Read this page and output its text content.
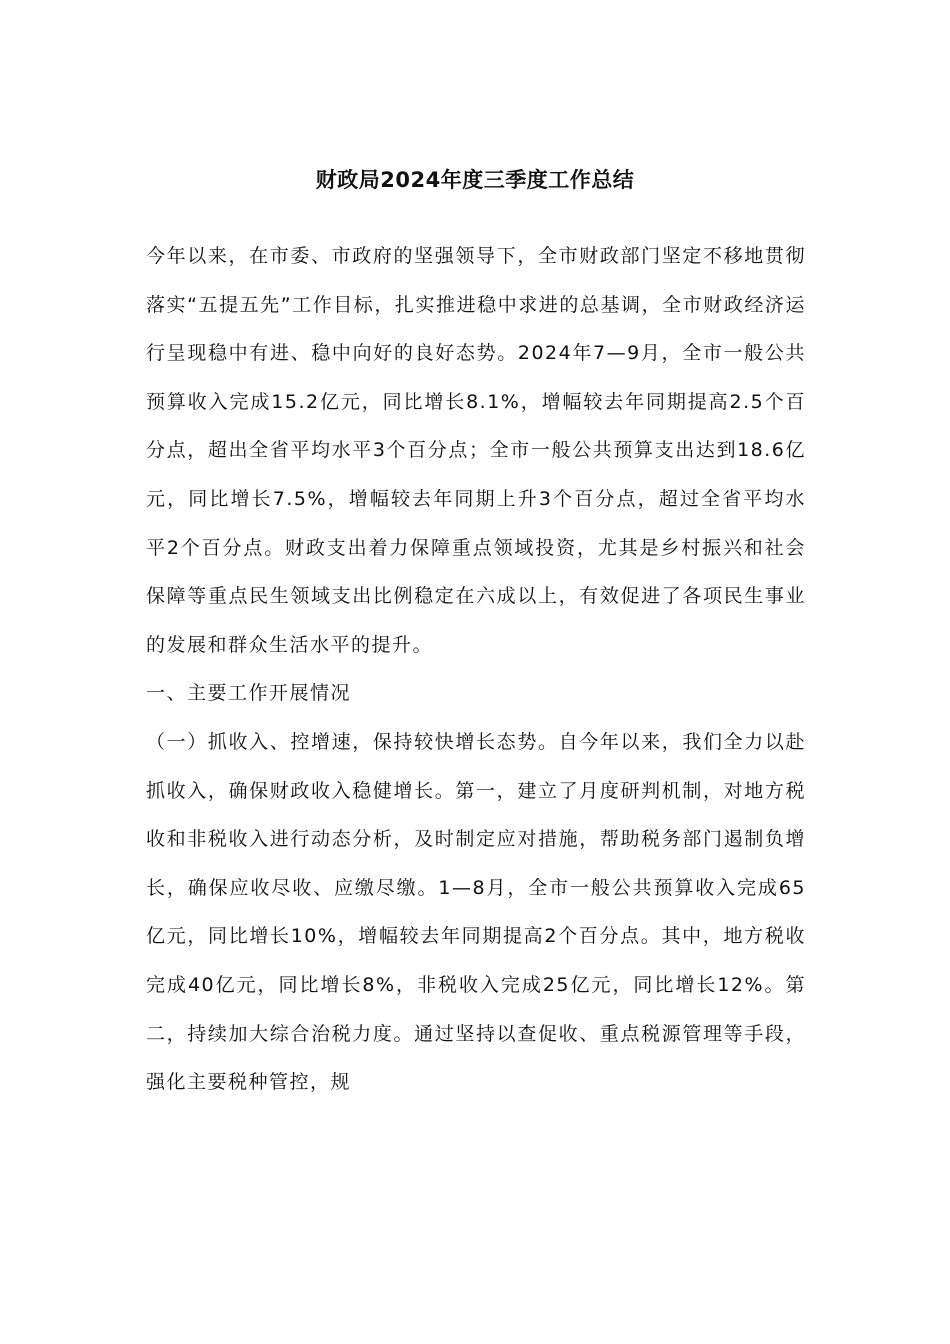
财政局2024年度三季度工作总结

今年以来，在市委、市政府的坚强领导下，全市财政部门坚定不移地贯彻落实“五提五先”工作目标，扎实推进稳中求进的总基调，全市财政经济运行呈现稳中有进、稳中向好的良好态势。2024年7—9月，全市一般公共预算收入完成15.2亿元，同比增长8.1%，增幅较去年同期提高2.5个百分点，超出全省平均水平3个百分点；全市一般公共预算支出达到18.6亿元，同比增长7.5%，增幅较去年同期上升3个百分点，超过全省平均水平2个百分点。财政支出着力保障重点领域投资，尤其是乡村振兴和社会保障等重点民生领域支出比例稳定在六成以上，有效促进了各项民生事业的发展和群众生活水平的提升。

一、主要工作开展情况

（一）抓收入、控增速，保持较快增长态势。自今年以来，我们全力以赴抓收入，确保财政收入稳健增长。第一，建立了月度研判机制，对地方税收和非税收入进行动态分析，及时制定应对措施，帮助税务部门遏制负增长，确保应收尽收、应缴尽缴。1—8月，全市一般公共预算收入完成65亿元，同比增长10%，增幅较去年同期提高2个百分点。其中，地方税收完成40亿元，同比增长8%，非税收入完成25亿元，同比增长12%。第二，持续加大综合治税力度。通过坚持以查促收、重点税源管理等手段，强化主要税种管控，规
